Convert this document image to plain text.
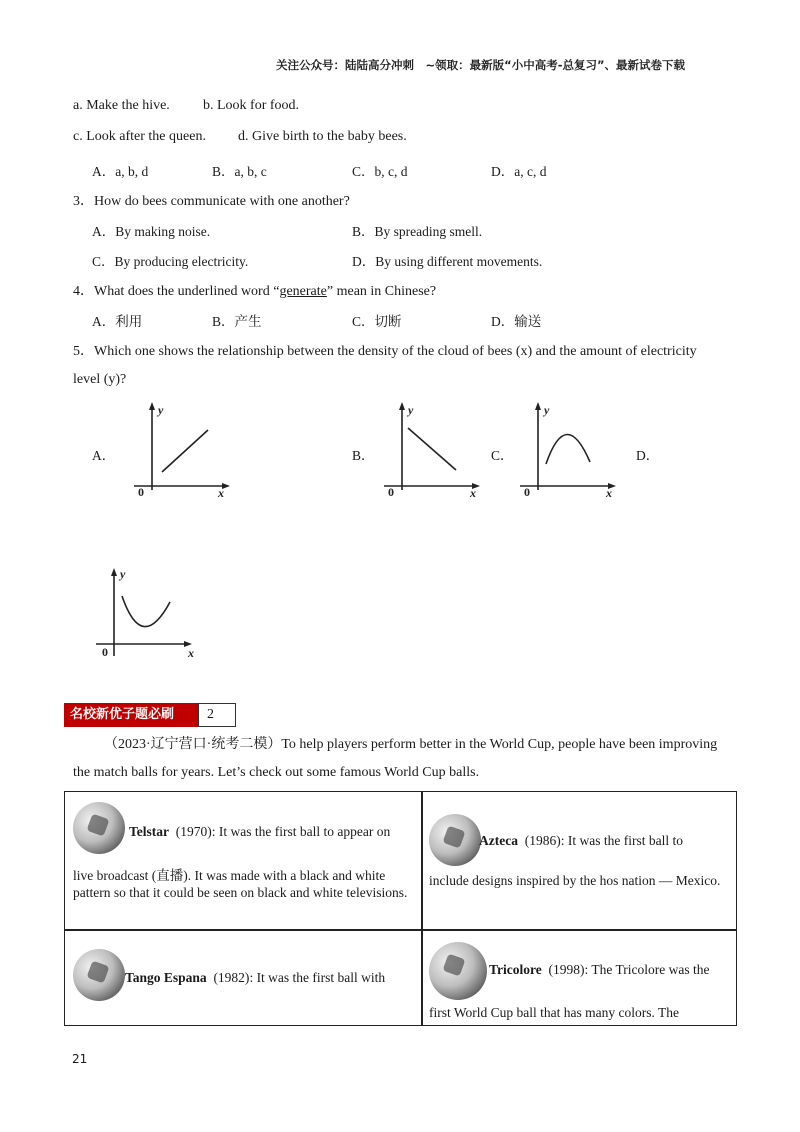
关注公众号：陆陆高分冲刺　~领取：最新版“小中高考-总复习”、最新试卷下载
a. Make the hive. b. Look for food.
c. Look after the queen. d. Give birth to the baby bees.
A．a, b, d	B．a, b, c	C．b, c, d	D．a, c, d
3．How do bees communicate with one another?
A．By making noise.	B．By spreading smell.
C．By producing electricity.	D．By using different movements.
4．What does the underlined word “generate” mean in Chinese?
A．利用	B．产生	C．切断	D．输送
5．Which one shows the relationship between the density of the cloud of bees (x) and the amount of electricity
level (y)?
A．	B．	C．	D．
y
x
0
y
x
0
y
x
0
y
x
0
名校新优子题必刷	2
（2023·辽宁营口·统考二模）To help players perform better in the World Cup, people have been improving
the match balls for years. Let’s check out some famous World Cup balls.
Telstar (1970): It was the first ball to appear on
live broadcast (直播). It was made with a black and white pattern so that it could be seen on black and white televisions.
Azteca (1986): It was the first ball to
include designs inspired by the hos nation — Mexico.
Tango Espana (1982): It was the first ball with
Tricolore (1998): The Tricolore was the
first World Cup ball that has many colors. The
21
